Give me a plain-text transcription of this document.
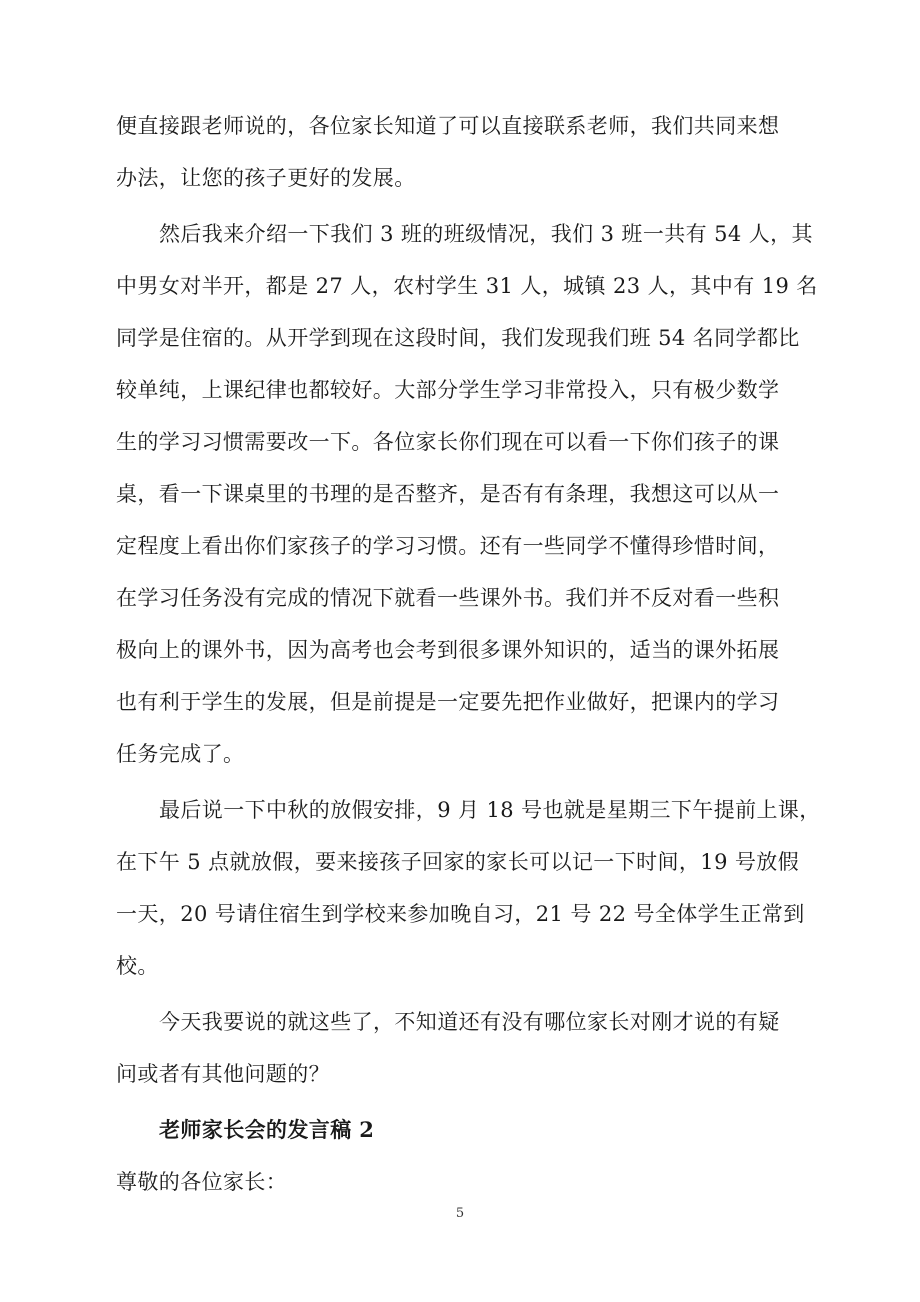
便直接跟老师说的，各位家长知道了可以直接联系老师，我们共同来想
办法，让您的孩子更好的发展。
然后我来介绍一下我们 3 班的班级情况，我们 3 班一共有 54 人，其
中男女对半开，都是 27 人，农村学生 31 人，城镇 23 人，其中有 19 名
同学是住宿的。从开学到现在这段时间，我们发现我们班 54 名同学都比
较单纯，上课纪律也都较好。大部分学生学习非常投入，只有极少数学
生的学习习惯需要改一下。各位家长你们现在可以看一下你们孩子的课
桌，看一下课桌里的书理的是否整齐，是否有有条理，我想这可以从一
定程度上看出你们家孩子的学习习惯。还有一些同学不懂得珍惜时间，
在学习任务没有完成的情况下就看一些课外书。我们并不反对看一些积
极向上的课外书，因为高考也会考到很多课外知识的，适当的课外拓展
也有利于学生的发展，但是前提是一定要先把作业做好，把课内的学习
任务完成了。
最后说一下中秋的放假安排，9 月 18 号也就是星期三下午提前上课，
在下午 5 点就放假，要来接孩子回家的家长可以记一下时间，19 号放假
一天，20 号请住宿生到学校来参加晚自习，21 号 22 号全体学生正常到
校。
今天我要说的就这些了，不知道还有没有哪位家长对刚才说的有疑
问或者有其他问题的？
老师家长会的发言稿 2
尊敬的各位家长：
5
